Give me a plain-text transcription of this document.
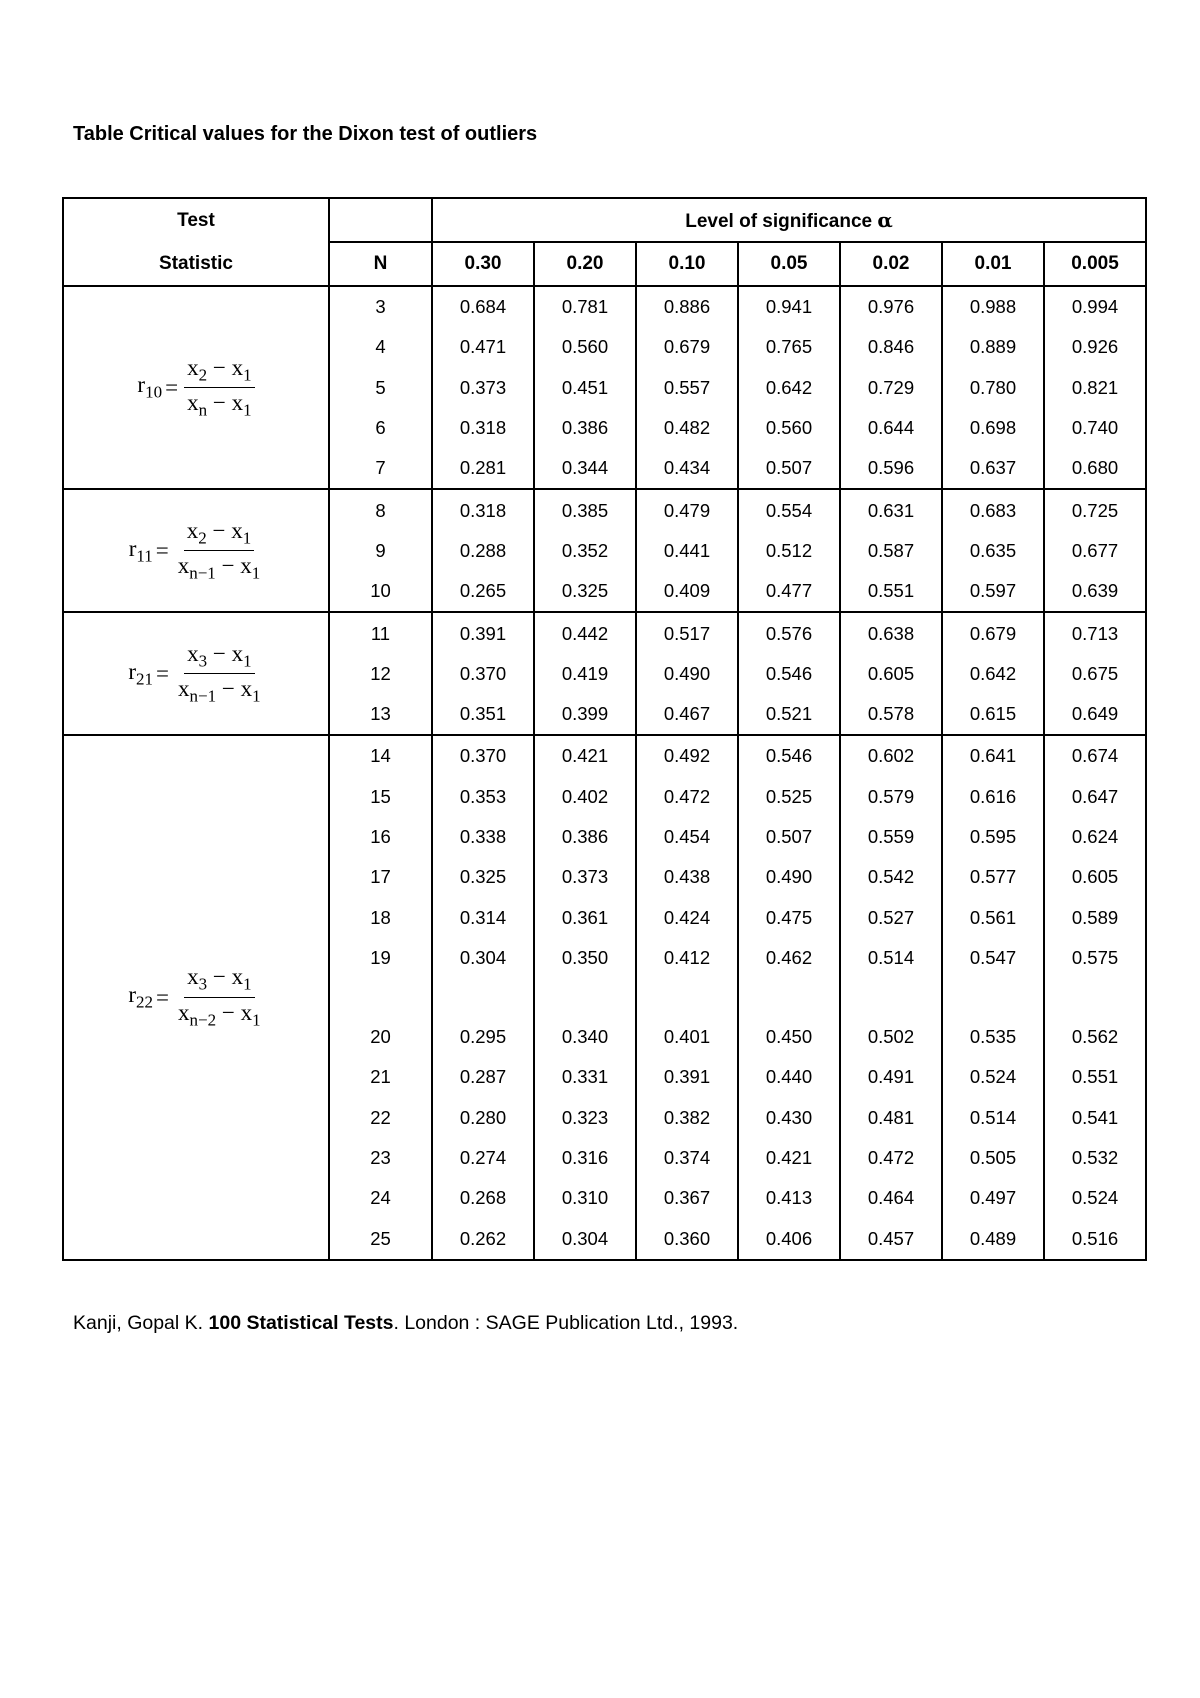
Table Critical values for the Dixon test of outliers
Test		Level of significance α						
Statistic	N	0.30	0.20	0.10	0.05	0.02	0.01	0.005

$r_{10} = \frac{x_2 - x_1}{x_n - x_1}$	3	0.684	0.781	0.886	0.941	0.976	0.988	0.994
	4	0.471	0.560	0.679	0.765	0.846	0.889	0.926
	5	0.373	0.451	0.557	0.642	0.729	0.780	0.821
	6	0.318	0.386	0.482	0.560	0.644	0.698	0.740
	7	0.281	0.344	0.434	0.507	0.596	0.637	0.680

$r_{11} = \frac{x_2 - x_1}{x_{n-1} - x_1}$	8	0.318	0.385	0.479	0.554	0.631	0.683	0.725
	9	0.288	0.352	0.441	0.512	0.587	0.635	0.677
	10	0.265	0.325	0.409	0.477	0.551	0.597	0.639

$r_{21} = \frac{x_3 - x_1}{x_{n-1} - x_1}$	11	0.391	0.442	0.517	0.576	0.638	0.679	0.713
	12	0.370	0.419	0.490	0.546	0.605	0.642	0.675
	13	0.351	0.399	0.467	0.521	0.578	0.615	0.649

$r_{22} = \frac{x_3 - x_1}{x_{n-2} - x_1}$	14	0.370	0.421	0.492	0.546	0.602	0.641	0.674
	15	0.353	0.402	0.472	0.525	0.579	0.616	0.647
	16	0.338	0.386	0.454	0.507	0.559	0.595	0.624
	17	0.325	0.373	0.438	0.490	0.542	0.577	0.605
	18	0.314	0.361	0.424	0.475	0.527	0.561	0.589
	19	0.304	0.350	0.412	0.462	0.514	0.547	0.575

	20	0.295	0.340	0.401	0.450	0.502	0.535	0.562
	21	0.287	0.331	0.391	0.440	0.491	0.524	0.551
	22	0.280	0.323	0.382	0.430	0.481	0.514	0.541
	23	0.274	0.316	0.374	0.421	0.472	0.505	0.532
	24	0.268	0.310	0.367	0.413	0.464	0.497	0.524
	25	0.262	0.304	0.360	0.406	0.457	0.489	0.516
Kanji, Gopal K. 100 Statistical Tests. London : SAGE Publication Ltd., 1993.
